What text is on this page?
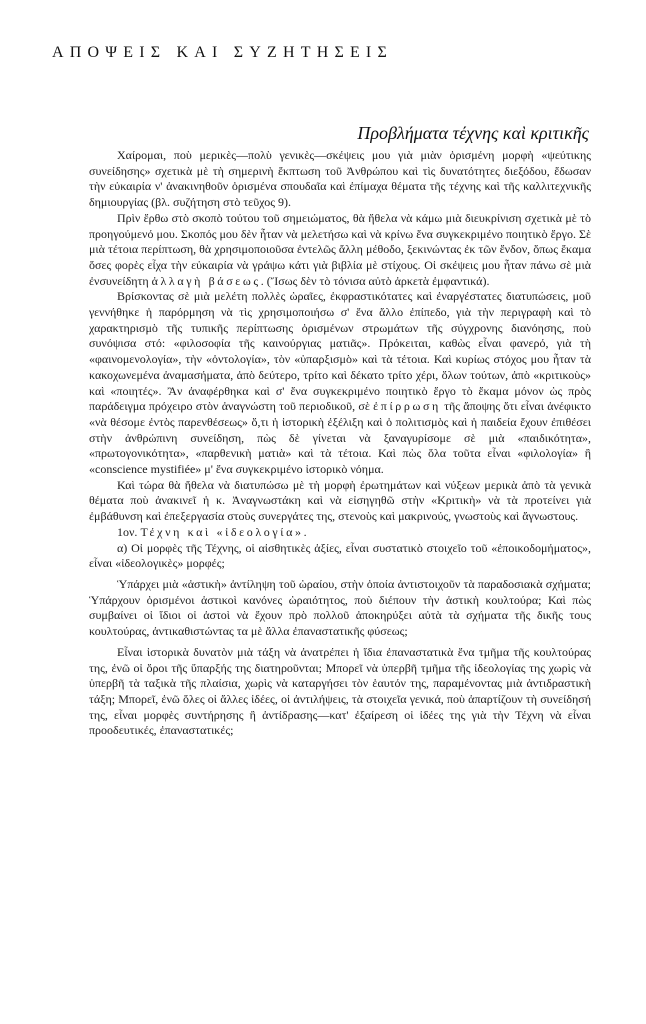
ΑΠΟΨΕΙΣ ΚΑΙ ΣΥΖΗΤΗΣΕΙΣ
Προβλήματα τέχνης καὶ κριτικῆς

Χαίρομαι, ποὺ μερικὲς—πολὺ γενικὲς—σκέψεις μου γιὰ μιὰν ὁρισμένη μορφὴ «ψεύτικης συνείδησης» σχετικὰ μὲ τὴ σημερινὴ ἔκπτωση τοῦ Ἀνθρώπου καὶ τὶς δυνατότητες διεξόδου, ἔδωσαν τὴν εὐκαιρία ν' ἀνακινηθοῦν ὁρισμένα σπουδαῖα καὶ ἐπίμαχα θέματα τῆς τέχνης καὶ τῆς καλλιτεχνικῆς δημιουργίας (βλ. συζήτηση στὸ τεῦχος 9).

Πρὶν ἔρθω στὸ σκοπὸ τούτου τοῦ σημειώματος, θὰ ἤθελα νὰ κάμω μιὰ διευκρίνιση σχετικὰ μὲ τὸ προηγούμενό μου. Σκοπός μου δὲν ἦταν νὰ μελετήσω καὶ νὰ κρίνω ἕνα συγκεκριμένο ποιητικὸ ἔργο. Σὲ μιὰ τέτοια περίπτωση, θὰ χρησιμοποιοῦσα ἐντελῶς ἄλλη μέθοδο, ξεκινώντας ἐκ τῶν ἔνδον, ὅπως ἔκαμα ὅσες φορὲς εἶχα τὴν εὐκαιρία νὰ γράψω κάτι γιὰ βιβλία μὲ στίχους. Οἱ σκέψεις μου ἦταν πάνω σὲ μιὰ ἐνσυνείδητη ἀλλαγὴ βάσεως. (Ἴσως δὲν τὸ τόνισα αὐτὸ ἀρκετὰ ἐμφαντικά).

Βρίσκοντας σὲ μιὰ μελέτη πολλὲς ὡραῖες, ἐκφραστικότατες καὶ ἐναργέστατες διατυπώσεις, μοῦ γεννήθηκε ἡ παρόρμηση νὰ τὶς χρησιμοποιήσω σ' ἕνα ἄλλο ἐπίπεδο, γιὰ τὴν περιγραφὴ καὶ τὸ χαρακτηρισμὸ τῆς τυπικῆς περίπτωσης ὁρισμένων στρωμάτων τῆς σύγχρονης διανόησης, ποὺ συνόψισα στό: «φιλοσοφία τῆς καινούργιας ματιᾶς». Πρόκειται, καθὼς εἶναι φανερό, γιὰ τὴ «φαινομενολογία», τὴν «ὀντολογία», τὸν «ὑπαρξισμὸ» καὶ τὰ τέτοια. Καὶ κυρίως στόχος μου ἦταν τὰ κακοχωνεμένα ἀναμασήματα, ἀπὸ δεύτερο, τρίτο καὶ δέκατο τρίτο χέρι, ὅλων τούτων, ἀπὸ «κριτικοὺς» καὶ «ποιητές». Ἂν ἀναφέρθηκα καὶ σ' ἕνα συγκεκριμένο ποιητικὸ ἔργο τὸ ἔκαμα μόνον ὡς πρὸς παράδειγμα πρόχειρο στὸν ἀναγνώστη τοῦ περιοδικοῦ, σὲ ἐπίρρωση τῆς ἄποψης ὅτι εἶναι ἀνέφικτο «νὰ θέσομε ἐντὸς παρενθέσεως» ὅ,τι ἡ ἱστορικὴ ἐξέλιξη καὶ ὁ πολιτισμὸς καὶ ἡ παιδεία ἔχουν ἐπιθέσει στὴν ἀνθρώπινη συνείδηση, πὼς δὲ γίνεται νὰ ξαναγυρίσομε σὲ μιὰ «παιδικότητα», «πρωτογονικότητα», «παρθενικὴ ματιὰ» καὶ τὰ τέτοια. Καὶ πὼς ὅλα τοῦτα εἶναι «φιλολογία» ἢ «conscience mystifiée» μ' ἕνα συγκεκριμένο ἱστορικὸ νόημα.

Καὶ τώρα θὰ ἤθελα νὰ διατυπώσω μὲ τὴ μορφὴ ἐρωτημάτων καὶ νύξεων μερικὰ ἀπὸ τὰ γενικὰ θέματα ποὺ ἀνακινεῖ ἡ κ. Ἀναγνωστάκη καὶ νὰ εἰσηγηθῶ στὴν «Κριτικὴ» νὰ τὰ προτείνει γιὰ ἐμβάθυνση καὶ ἐπεξεργασία στοὺς συνεργάτες της, στενοὺς καὶ μακρινούς, γνωστοὺς καὶ ἄγνωστους.

1ον. Τέχνη καὶ «ἰδεολογία».

α) Οἱ μορφὲς τῆς Τέχνης, οἱ αἰσθητικὲς ἀξίες, εἶναι συστατικὸ στοιχεῖο τοῦ «ἐποικοδομήματος», εἶναι «ἰδεολογικὲς» μορφές;

Ὑπάρχει μιὰ «ἀστικὴ» ἀντίληψη τοῦ ὡραίου, στὴν ὁποία ἀντιστοιχοῦν τὰ παραδοσιακὰ σχήματα; Ὑπάρχουν ὁρισμένοι ἀστικοὶ κανόνες ὡραιότητος, ποὺ διέπουν τὴν ἀστικὴ κουλτούρα; Καὶ πὼς συμβαίνει οἱ ἴδιοι οἱ ἀστοὶ νὰ ἔχουν πρὸ πολλοῦ ἀποκηρύξει αὐτὰ τὰ σχήματα τῆς δικῆς τους κουλτούρας, ἀντικαθιστώντας τα μὲ ἄλλα ἐπαναστατικῆς φύσεως;

Εἶναι ἱστορικὰ δυνατὸν μιὰ τάξη νὰ ἀνατρέπει ἡ ἴδια ἐπαναστατικὰ ἕνα τμῆμα τῆς κουλτούρας της, ἐνῶ οἱ ὅροι τῆς ὕπαρξής της διατηροῦνται; Μπορεῖ νὰ ὑπερβῆ τμῆμα τῆς ἰδεολογίας της χωρὶς νὰ ὑπερβῆ τὰ ταξικὰ τῆς πλαίσια, χωρὶς νὰ καταργήσει τὸν ἑαυτόν της, παραμένοντας μιὰ ἀντιδραστικὴ τάξη; Μπορεῖ, ἐνῶ ὅλες οἱ ἄλλες ἰδέες, οἱ ἀντιλήψεις, τὰ στοιχεῖα γενικά, ποὺ ἀπαρτίζουν τὴ συνείδησή της, εἶναι μορφὲς συντήρησης ἢ ἀντίδρασης—κατ' ἐξαίρεση οἱ ἰδέες της γιὰ τὴν Τέχνη νὰ εἶναι προοδευτικές, ἐπαναστατικές;
